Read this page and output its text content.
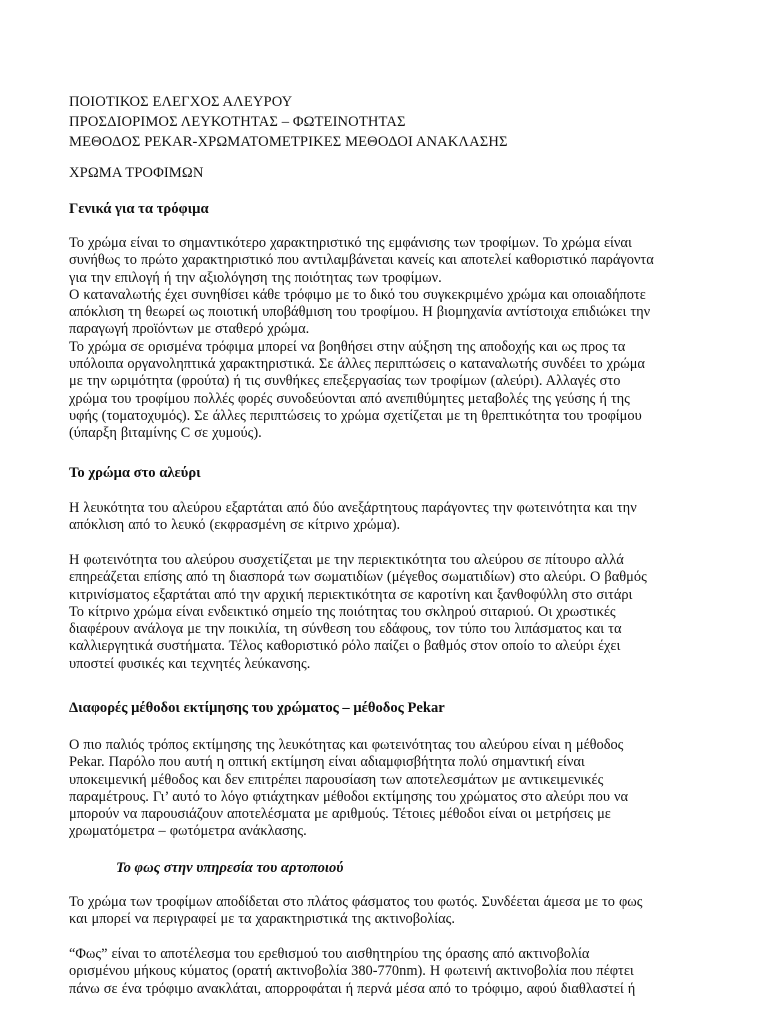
ΠΟΙΟΤΙΚΟΣ ΕΛΕΓΧΟΣ ΑΛΕΥΡΟΥ
ΠΡΟΣΔΙΟΡΙΜΟΣ ΛΕΥΚΟΤΗΤΑΣ – ΦΩΤΕΙΝΟΤΗΤΑΣ
ΜΕΘΟΔΟΣ PEKAR-ΧΡΩΜΑΤΟΜΕΤΡΙΚΕΣ ΜΕΘΟΔΟΙ ΑΝΑΚΛΑΣΗΣ
ΧΡΩΜΑ ΤΡΟΦΙΜΩΝ
Γενικά για τα τρόφιμα
Το χρώμα είναι το σημαντικότερο χαρακτηριστικό της εμφάνισης των τροφίμων. Το χρώμα είναι
συνήθως το πρώτο χαρακτηριστικό που αντιλαμβάνεται κανείς και αποτελεί καθοριστικό παράγοντα
για την επιλογή ή την αξιολόγηση της ποιότητας των τροφίμων.
Ο καταναλωτής έχει συνηθίσει κάθε τρόφιμο με το δικό του συγκεκριμένο χρώμα και οποιαδήποτε
απόκλιση τη θεωρεί ως ποιοτική υποβάθμιση του τροφίμου. Η βιομηχανία αντίστοιχα επιδιώκει την
παραγωγή προϊόντων με σταθερό χρώμα.
Το χρώμα σε ορισμένα τρόφιμα μπορεί να βοηθήσει στην αύξηση της αποδοχής και ως προς τα
υπόλοιπα οργανοληπτικά χαρακτηριστικά. Σε άλλες περιπτώσεις ο καταναλωτής συνδέει το χρώμα
με την ωριμότητα (φρούτα) ή τις συνθήκες επεξεργασίας των τροφίμων (αλεύρι). Αλλαγές στο
χρώμα του τροφίμου πολλές φορές συνοδεύονται από ανεπιθύμητες μεταβολές της γεύσης ή της
υφής (τοματοχυμός). Σε άλλες περιπτώσεις το χρώμα σχετίζεται με τη θρεπτικότητα του τροφίμου
(ύπαρξη βιταμίνης C σε χυμούς).
Το χρώμα στο αλεύρι
Η λευκότητα του αλεύρου εξαρτάται από δύο ανεξάρτητους παράγοντες την φωτεινότητα και την
απόκλιση από το λευκό (εκφρασμένη σε κίτρινο χρώμα).
Η φωτεινότητα του αλεύρου συσχετίζεται με την περιεκτικότητα του αλεύρου σε πίτουρο αλλά
επηρεάζεται επίσης από τη διασπορά των σωματιδίων (μέγεθος σωματιδίων) στο αλεύρι. Ο βαθμός
κιτρινίσματος εξαρτάται από την αρχική περιεκτικότητα σε καροτίνη και ξανθοφύλλη στο σιτάρι
Το κίτρινο χρώμα είναι ενδεικτικό σημείο της ποιότητας του σκληρού σιταριού. Οι χρωστικές
διαφέρουν ανάλογα με την ποικιλία, τη σύνθεση του εδάφους, τον τύπο του λιπάσματος και τα
καλλιεργητικά συστήματα. Τέλος καθοριστικό ρόλο παίζει ο βαθμός στον οποίο το αλεύρι έχει
υποστεί φυσικές και τεχνητές λεύκανσης.
Διαφορές μέθοδοι εκτίμησης του χρώματος – μέθοδος Pekar
Ο πιο παλιός τρόπος εκτίμησης της λευκότητας και φωτεινότητας του αλεύρου είναι η μέθοδος
Pekar. Παρόλο που αυτή η οπτική εκτίμηση είναι αδιαμφισβήτητα πολύ σημαντική είναι
υποκειμενική μέθοδος και δεν επιτρέπει παρουσίαση των αποτελεσμάτων με αντικειμενικές
παραμέτρους. Γι’ αυτό το λόγο φτιάχτηκαν μέθοδοι εκτίμησης του χρώματος στο αλεύρι που να
μπορούν να παρουσιάζουν αποτελέσματα με αριθμούς. Τέτοιες μέθοδοι είναι οι μετρήσεις με
χρωματόμετρα – φωτόμετρα ανάκλασης.
Το φως στην υπηρεσία του αρτοποιού
Το χρώμα των τροφίμων αποδίδεται στο πλάτος φάσματος του φωτός. Συνδέεται άμεσα με το φως
και μπορεί να περιγραφεί με τα χαρακτηριστικά της ακτινοβολίας.
“Φως” είναι το αποτέλεσμα του ερεθισμού του αισθητηρίου της όρασης από ακτινοβολία
ορισμένου μήκους κύματος (ορατή ακτινοβολία 380-770nm). Η φωτεινή ακτινοβολία που πέφτει
πάνω σε ένα τρόφιμο ανακλάται, απορροφάται ή περνά μέσα από το τρόφιμο, αφού διαθλαστεί ή
